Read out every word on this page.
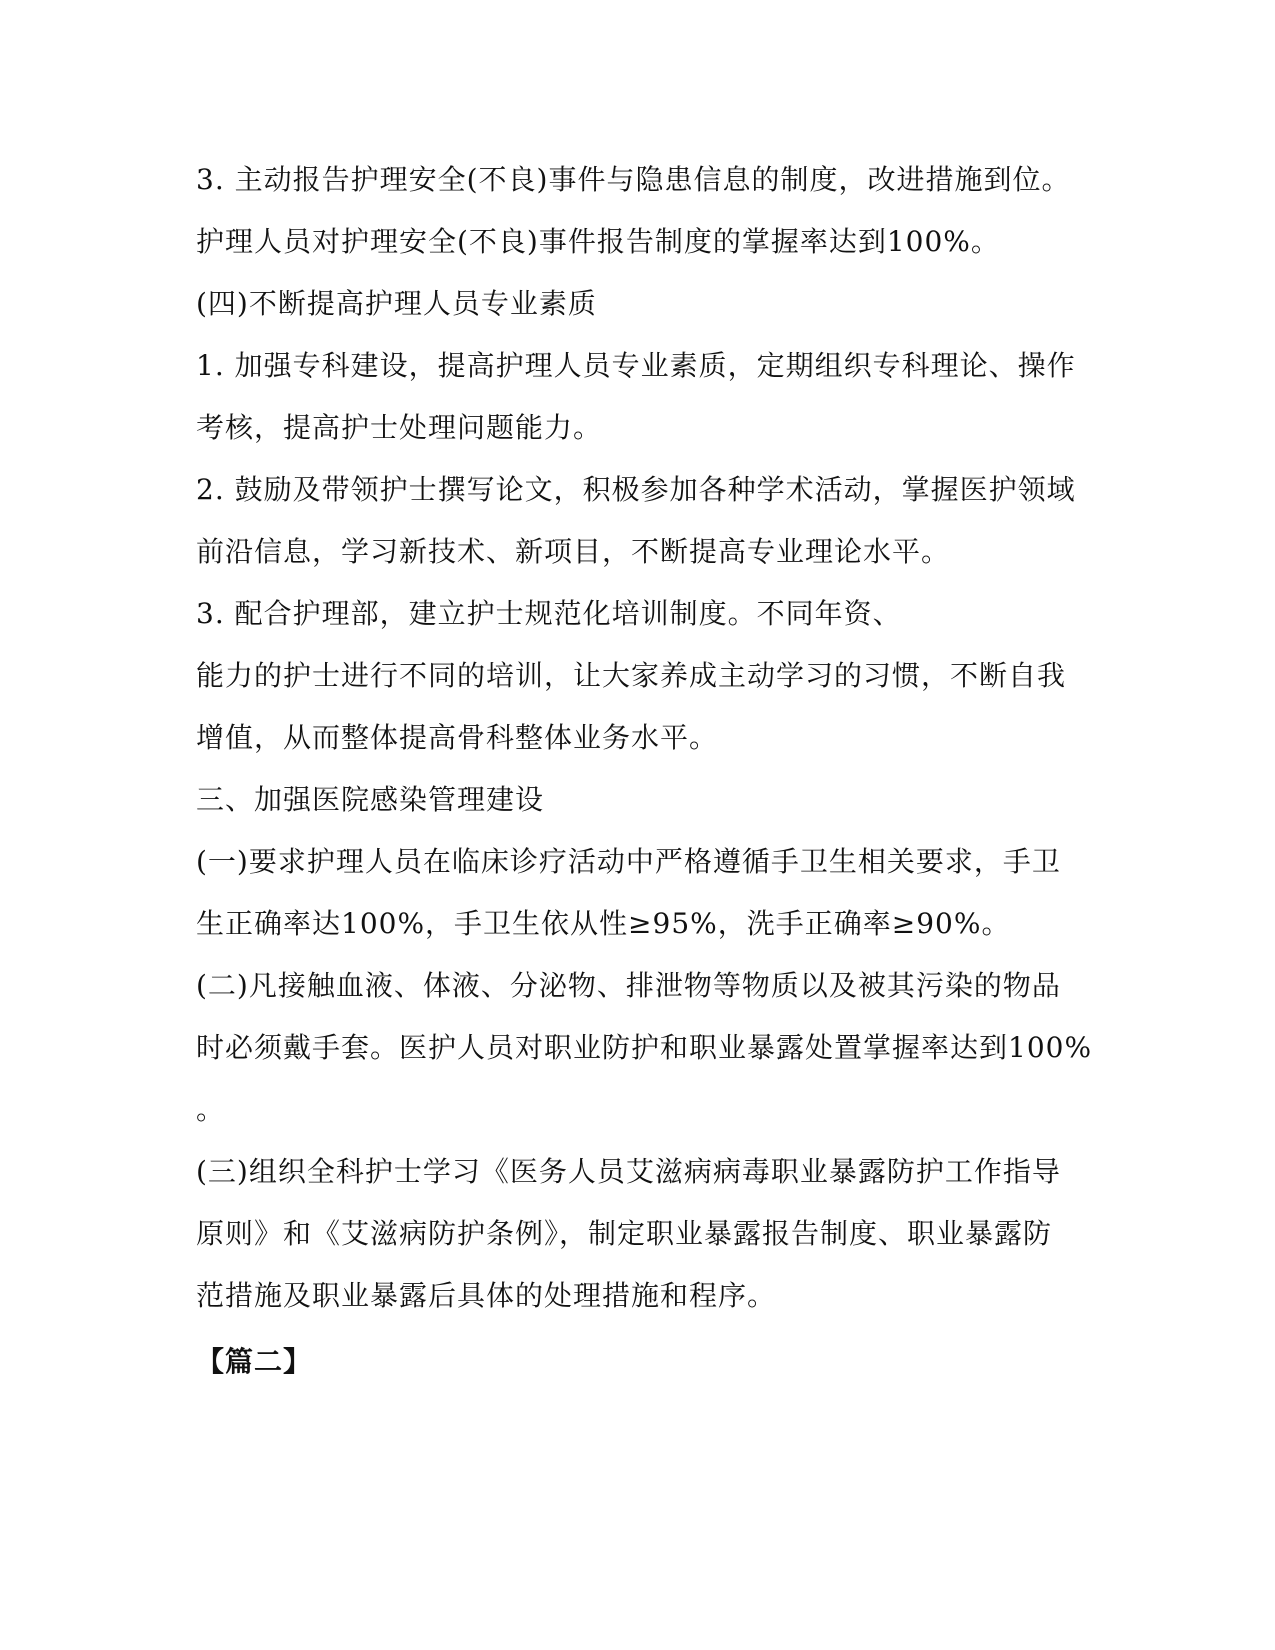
3. 主动报告护理安全(不良)事件与隐患信息的制度，改进措施到位。
护理人员对护理安全(不良)事件报告制度的掌握率达到100%。
(四)不断提高护理人员专业素质
1. 加强专科建设，提高护理人员专业素质，定期组织专科理论、操作
考核，提高护士处理问题能力。
2. 鼓励及带领护士撰写论文，积极参加各种学术活动，掌握医护领域
前沿信息，学习新技术、新项目，不断提高专业理论水平。
3. 配合护理部，建立护士规范化培训制度。不同年资、
能力的护士进行不同的培训，让大家养成主动学习的习惯，不断自我
增值，从而整体提高骨科整体业务水平。
三、加强医院感染管理建设
(一)要求护理人员在临床诊疗活动中严格遵循手卫生相关要求，手卫
生正确率达100%，手卫生依从性≥95%，洗手正确率≥90%。
(二)凡接触血液、体液、分泌物、排泄物等物质以及被其污染的物品
时必须戴手套。医护人员对职业防护和职业暴露处置掌握率达到100%
。
(三)组织全科护士学习《医务人员艾滋病病毒职业暴露防护工作指导
原则》和《艾滋病防护条例》，制定职业暴露报告制度、职业暴露防
范措施及职业暴露后具体的处理措施和程序。
【篇二】
